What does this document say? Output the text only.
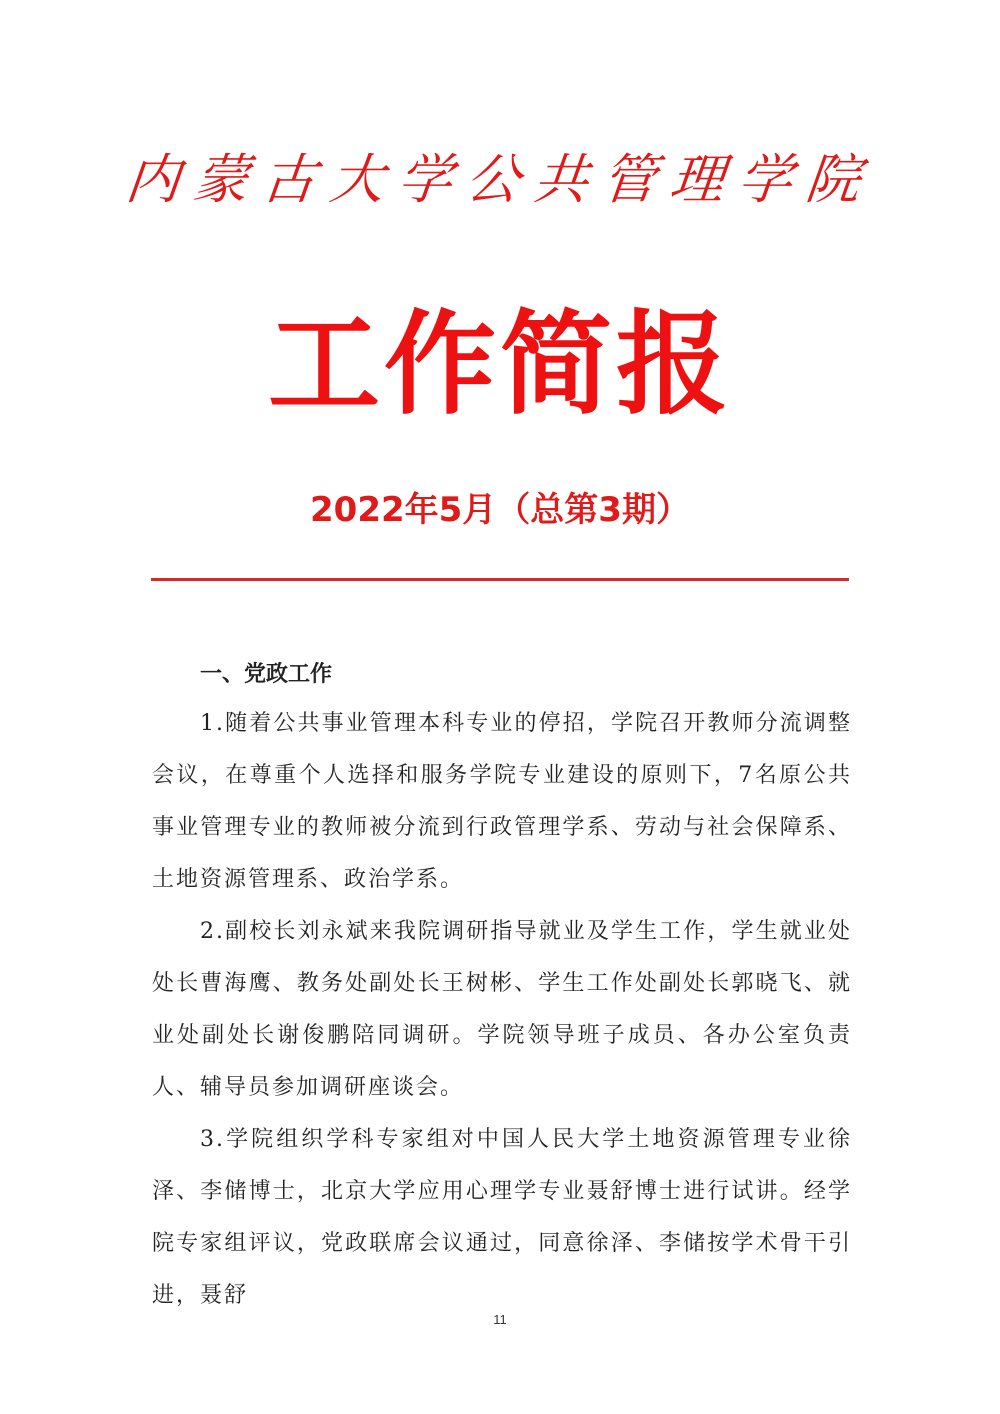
内蒙古大学公共管理学院
工作简报
2022年5月（总第3期）

一、党政工作

1.随着公共事业管理本科专业的停招，学院召开教师分流调整会议，在尊重个人选择和服务学院专业建设的原则下，7名原公共事业管理专业的教师被分流到行政管理学系、劳动与社会保障系、土地资源管理系、政治学系。

2.副校长刘永斌来我院调研指导就业及学生工作，学生就业处处长曹海鹰、教务处副处长王树彬、学生工作处副处长郭晓飞、就业处副处长谢俊鹏陪同调研。学院领导班子成员、各办公室负责人、辅导员参加调研座谈会。

3.学院组织学科专家组对中国人民大学土地资源管理专业徐泽、李储博士，北京大学应用心理学专业聂舒博士进行试讲。经学院专家组评议，党政联席会议通过，同意徐泽、李储按学术骨干引进，聂舒

11
